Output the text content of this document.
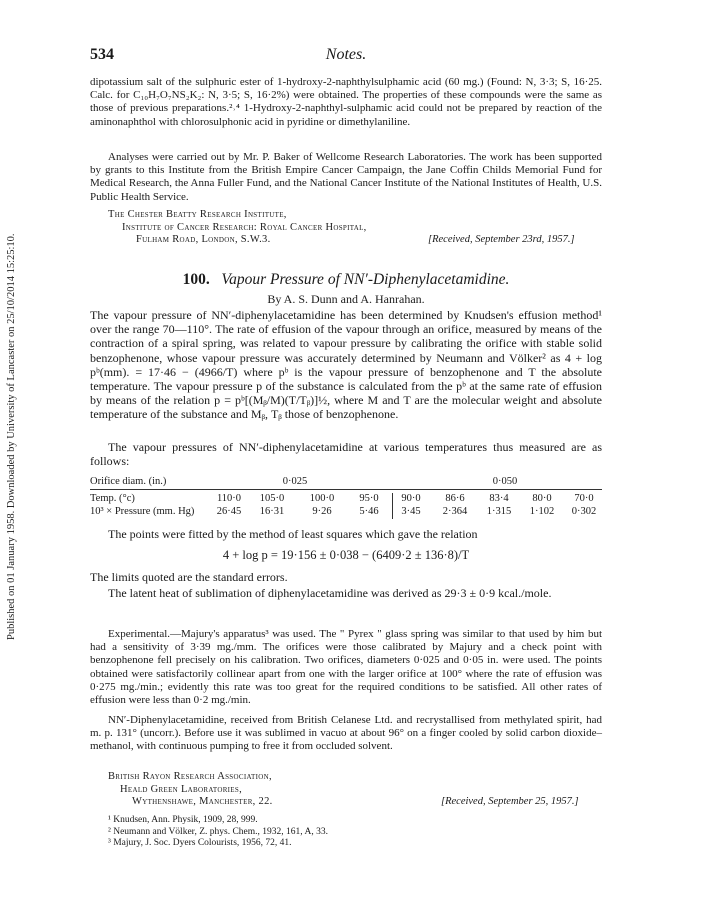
Published on 01 January 1958. Downloaded by University of Lancaster on 25/10/2014 15:25:10.
534	Notes.

dipotassium salt of the sulphuric ester of 1-hydroxy-2-naphthylsulphamic acid (60 mg.) (Found: N, 3·3; S, 16·25. Calc. for C₁₀H₇O₇NS₂K₂: N, 3·5; S, 16·2%) were obtained. The properties of these compounds were the same as those of previous preparations.²˒⁴ 1-Hydroxy-2-naphthyl-sulphamic acid could not be prepared by reaction of the aminonaphthol with chlorosulphonic acid in pyridine or dimethylaniline.

Analyses were carried out by Mr. P. Baker of Wellcome Research Laboratories. The work has been supported by grants to this Institute from the British Empire Cancer Campaign, the Jane Coffin Childs Memorial Fund for Medical Research, the Anna Fuller Fund, and the National Cancer Institute of the National Institutes of Health, U.S. Public Health Service.

The Chester Beatty Research Institute,
Institute of Cancer Research: Royal Cancer Hospital,
Fulham Road, London, S.W.3.	[Received, September 23rd, 1957.]
100. Vapour Pressure of NN′-Diphenylacetamidine.
By A. S. Dunn and A. Hanrahan.

The vapour pressure of NN′-diphenylacetamidine has been determined by Knudsen's effusion method¹ over the range 70—110°. The rate of effusion of the vapour through an orifice, measured by means of the contraction of a spiral spring, was related to vapour pressure by calibrating the orifice with stable solid benzophenone, whose vapour pressure was accurately determined by Neumann and Völker² as 4 + log pᵇ(mm). = 17·46 − (4966/T) where pᵇ is the vapour pressure of benzophenone and T the absolute temperature. The vapour pressure p of the substance is calculated from the pᵇ at the same rate of effusion by means of the relation p = pᵇ[(Mᵦ/M)(T/Tᵦ)]½, where M and T are the molecular weight and absolute temperature of the substance and Mᵦ, Tᵦ those of benzophenone.

The vapour pressures of NN′-diphenylacetamidine at various temperatures thus measured are as follows:

Orifice diam. (in.)	0·025	0·050
Temp. (°c)	110·0	105·0	100·0	95·0	90·0	86·6	83·4	80·0	70·0
10³ × Pressure (mm. Hg)	26·45	16·31	9·26	5·46	3·45	2·364	1·315	1·102	0·302

The points were fitted by the method of least squares which gave the relation

4 + log p = 19·156 ± 0·038 − (6409·2 ± 136·8)/T

The limits quoted are the standard errors.

The latent heat of sublimation of diphenylacetamidine was derived as 29·3 ± 0·9 kcal./mole.

Experimental.—Majury's apparatus³ was used. The " Pyrex " glass spring was similar to that used by him but had a sensitivity of 3·39 mg./mm. The orifices were those calibrated by Majury and a check point with benzophenone fell precisely on his calibration. Two orifices, diameters 0·025 and 0·05 in. were used. The points obtained were satisfactorily collinear apart from one with the larger orifice at 100° where the rate of effusion was 0·275 mg./min.; evidently this rate was too great for the required conditions to be satisfied. All other rates of effusion were less than 0·2 mg./min.

NN′-Diphenylacetamidine, received from British Celanese Ltd. and recrystallised from methylated spirit, had m. p. 131° (uncorr.). Before use it was sublimed in vacuo at about 96° on a finger cooled by solid carbon dioxide–methanol, with continuous pumping to free it from occluded solvent.

British Rayon Research Association,
Heald Green Laboratories,
Wythenshawe, Manchester, 22.	[Received, September 25, 1957.]
¹ Knudsen, Ann. Physik, 1909, 28, 999.
² Neumann and Völker, Z. phys. Chem., 1932, 161, A, 33.
³ Majury, J. Soc. Dyers Colourists, 1956, 72, 41.
